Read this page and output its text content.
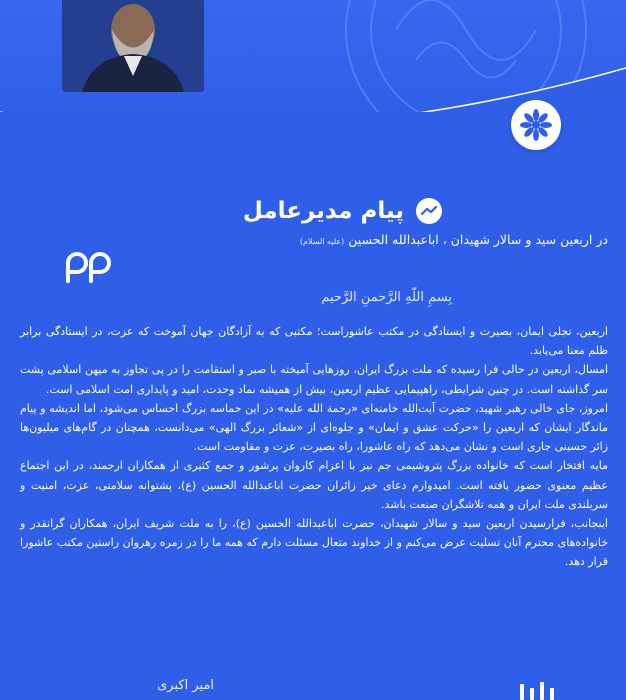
پیام مدیرعامل
در اربعین سید و سالار شهیدان ، اباعبدالله الحسین (علیه السلام)
بِسمِ اللّهِ الرَّحمنِ الرَّحیم

اربعین، تجلی ایمان، بصیرت و ایستادگی در مکتب عاشوراست؛ مکتبی که به آزادگان جهان آموخت که عزت، در ایستادگی برابر ظلم معنا می‌یابد.

امسال، اربعین در حالی فرا رسیده که ملت بزرگ ایران، روزهایی آمیخته با صبر و استقامت را در پی تجاوز به میهن اسلامی پشت سر گذاشته است. در چنین شرایطی، راهپیمایی عظیم اربعین، بیش از همیشه نماد وحدت، امید و پایداری امت اسلامی است.

امروز، جای خالی رهبر شهید، حضرت آیت‌الله خامنه‌ای «رحمة الله علیه» در این حماسه بزرگ احساس می‌شود، اما اندیشه و پیام ماندگار ایشان که اربعین را «حرکت عشق و ایمان» و جلوه‌ای از «شعائر بزرگ الهی» می‌دانست، همچنان در گام‌های میلیون‌ها زائر حسینی جاری است و نشان می‌دهد که راه عاشورا، راه بصیرت، عزت و مقاومت است.

مایه افتخار است که خانواده بزرگ پتروشیمی جم نیز با اعزام کاروان پرشور و جمع کثیری از همکاران ارجمند، در این اجتماع عظیم معنوی حضور یافته است. امیدوارم دعای خیر زائران حضرت اباعبدالله الحسین (ع)، پشتوانه سلامتی، عزت، امنیت و سربلندی ملت ایران و همه تلاشگران صنعت باشد.

اینجانب، فرارسیدن اربعین سید و سالار شهیدان، حضرت اباعبدالله الحسین (ع)، را به ملت شریف ایران، همکاران گرانقدر و خانواده‌های محترم آنان تسلیت عرض می‌کنم و از خداوند متعال مسئلت دارم که همه ما را در زمره رهروان راستین مکتب عاشورا قرار دهد.

امیر اکبری
